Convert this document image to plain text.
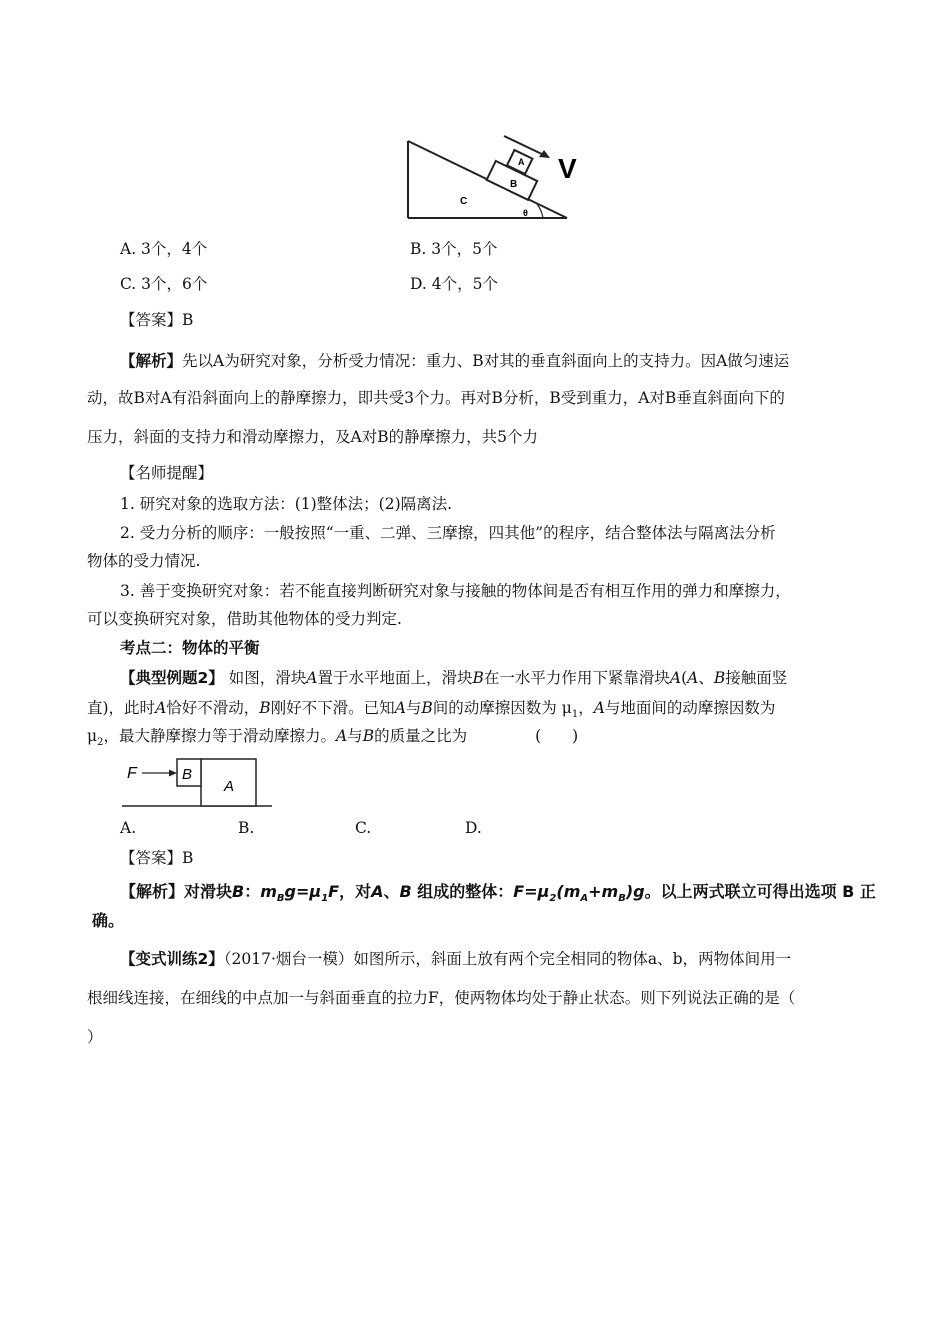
B
A
C
θ
V
A. 3个，4个	B. 3个，5个
C. 3个，6个	D. 4个，5个
【答案】B
【解析】先以A为研究对象，分析受力情况：重力、B对其的垂直斜面向上的支持力。因A做匀速运
动，故B对A有沿斜面向上的静摩擦力，即共受3个力。再对B分析，B受到重力，A对B垂直斜面向下的
压力，斜面的支持力和滑动摩擦力，及A对B的静摩擦力，共5个力
【名师提醒】
1. 研究对象的选取方法：(1)整体法；(2)隔离法.
2. 受力分析的顺序：一般按照“一重、二弹、三摩擦，四其他”的程序，结合整体法与隔离法分析
物体的受力情况.
3. 善于变换研究对象：若不能直接判断研究对象与接触的物体间是否有相互作用的弹力和摩擦力，
可以变换研究对象，借助其他物体的受力判定.
考点二：物体的平衡
【典型例题2】 如图，滑块A置于水平地面上，滑块B在一水平力作用下紧靠滑块A(A、B接触面竖
直)，此时A恰好不滑动，B刚好不下滑。已知A与B间的动摩擦因数为 $\mu_1$，A与地面间的动摩擦因数为
$\mu_2$，最大静摩擦力等于滑动摩擦力。A与B的质量之比为	(　　)
F	B
A
A.	B.	C.	D.
【答案】B
【解析】对滑块B：$m_Bg=\mu_1F$，对A、B 组成的整体：$F=\mu_2(m_A+m_B)g$。以上两式联立可得出选项 B 正
确。
【变式训练2】（2017·烟台一模）如图所示，斜面上放有两个完全相同的物体a、b，两物体间用一
根细线连接，在细线的中点加一与斜面垂直的拉力F，使两物体均处于静止状态。则下列说法正确的是（
）
